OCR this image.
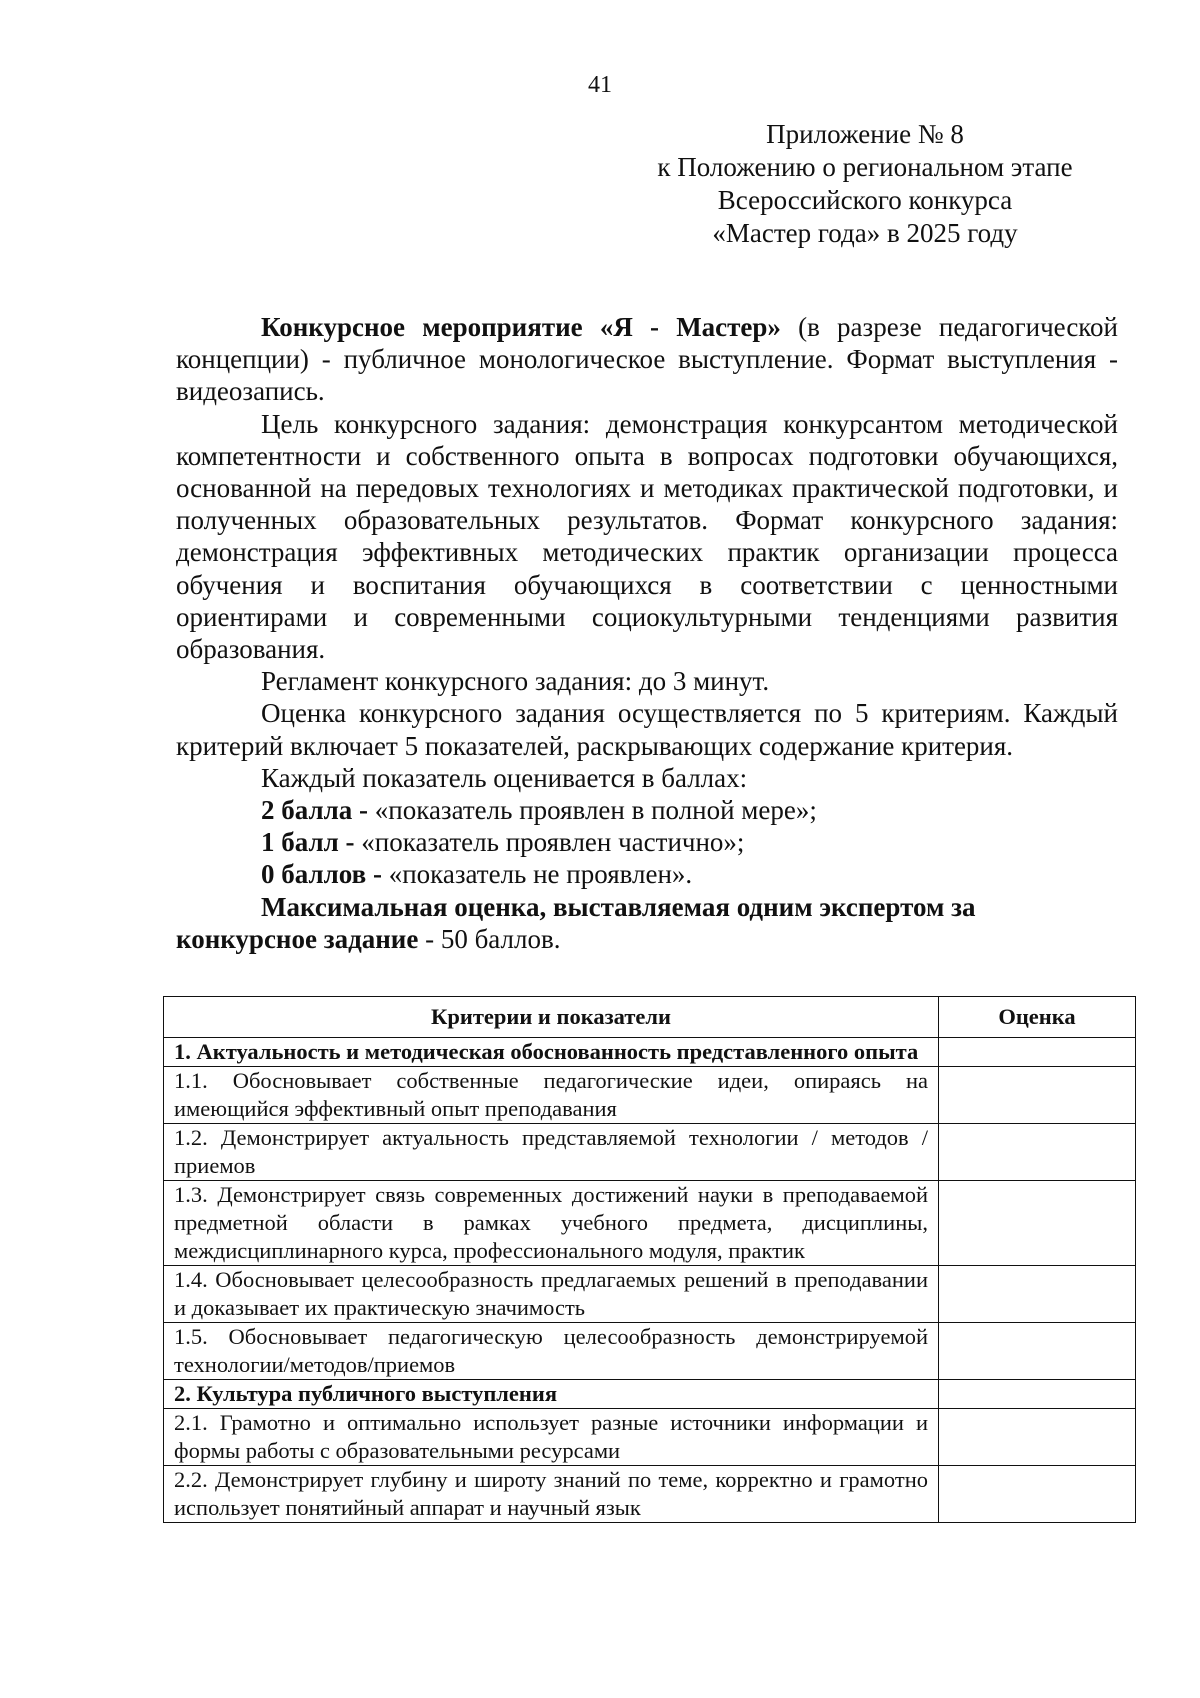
41
Приложение № 8
к Положению о региональном этапе
Всероссийского конкурса
«Мастер года» в 2025 году

Конкурсное мероприятие «Я - Мастер» (в разрезе педагогической концепции) - публичное монологическое выступление. Формат выступления - видеозапись.

Цель конкурсного задания: демонстрация конкурсантом методической компетентности и собственного опыта в вопросах подготовки обучающихся, основанной на передовых технологиях и методиках практической подготовки, и полученных образовательных результатов. Формат конкурсного задания: демонстрация эффективных методических практик организации процесса обучения и воспитания обучающихся в соответствии с ценностными ориентирами и современными социокультурными тенденциями развития образования.

Регламент конкурсного задания: до 3 минут.

Оценка конкурсного задания осуществляется по 5 критериям. Каждый критерий включает 5 показателей, раскрывающих содержание критерия.

Каждый показатель оценивается в баллах:

2 балла - «показатель проявлен в полной мере»;

1 балл - «показатель проявлен частично»;

0 баллов - «показатель не проявлен».

Максимальная оценка, выставляемая одним экспертом за конкурсное задание - 50 баллов.

Критерии и показатели	Оценка
1. Актуальность и методическая обоснованность представленного опыта	
1.1. Обосновывает собственные педагогические идеи, опираясь на имеющийся эффективный опыт преподавания	
1.2. Демонстрирует актуальность представляемой технологии / методов / приемов	
1.3. Демонстрирует связь современных достижений науки в преподаваемой предметной области в рамках учебного предмета, дисциплины, междисциплинарного курса, профессионального модуля, практик	
1.4. Обосновывает целесообразность предлагаемых решений в преподавании и доказывает их практическую значимость	
1.5. Обосновывает педагогическую целесообразность демонстрируемой технологии/методов/приемов	
2. Культура публичного выступления	
2.1. Грамотно и оптимально использует разные источники информации и формы работы с образовательными ресурсами	
2.2. Демонстрирует глубину и широту знаний по теме, корректно и грамотно использует понятийный аппарат и научный язык	
